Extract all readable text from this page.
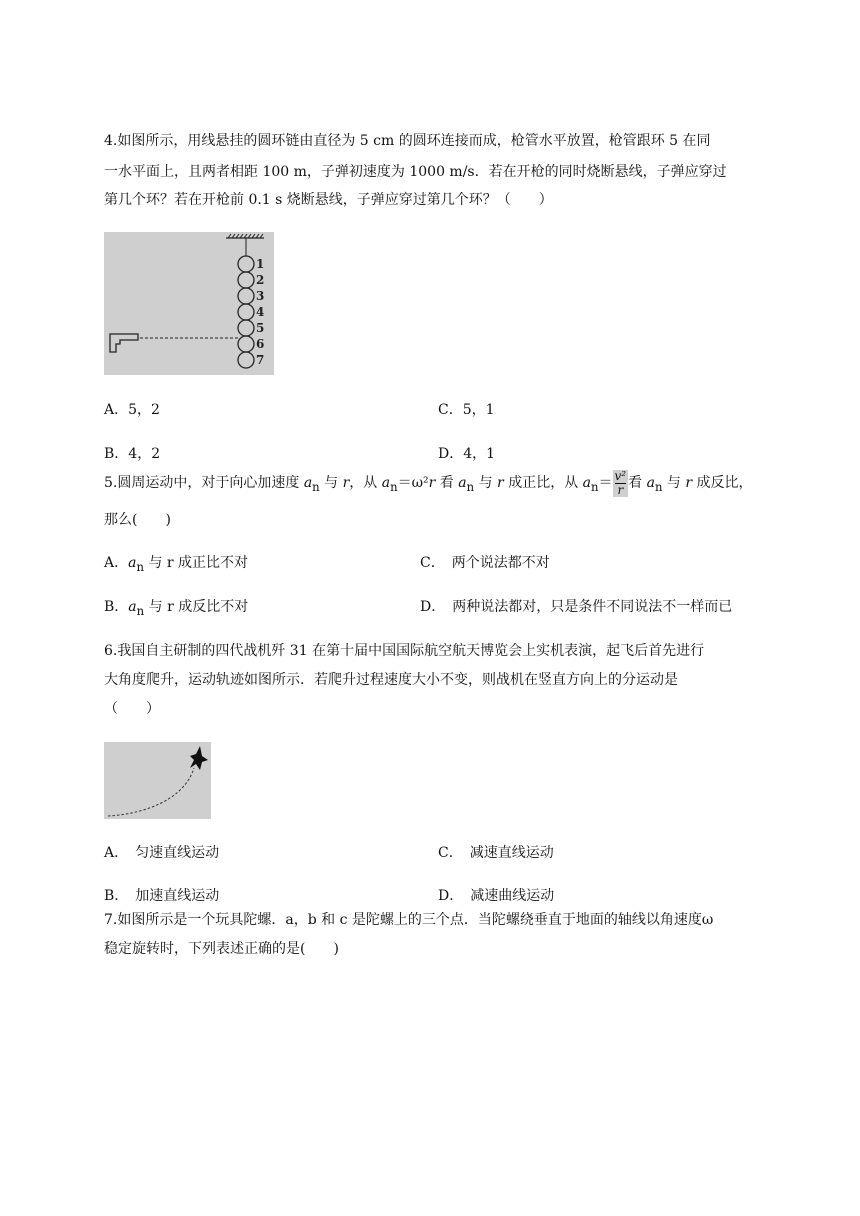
4.如图所示，用线悬挂的圆环链由直径为 5 cm 的圆环连接而成，枪管水平放置，枪管跟环 5 在同
一水平面上，且两者相距 100 m，子弹初速度为 1000 m/s．若在开枪的同时烧断悬线，子弹应穿过
第几个环？若在开枪前 0.1 s 烧断悬线，子弹应穿过第几个环？（　　）
1
2
3
4
5
6
7
A．5，2	C．5，1
B．4，2	D．4，1
5.圆周运动中，对于向心加速度 $a_n$ 与 r，从 $a_n=\omega^2r$ 看 $a_n$ 与 r 成正比，从 $a_n= \frac{\text{v²}}{r}$ 看 $a_n$ 与 r 成反比，
那么(　　)
A．$a_n$ 与 r 成正比不对	C．　两个说法都不对
B．$a_n$ 与 r 成反比不对	D．　两种说法都对，只是条件不同说法不一样而已
6.我国自主研制的四代战机歼 31 在第十届中国国际航空航天博览会上实机表演，起飞后首先进行
大角度爬升，运动轨迹如图所示．若爬升过程速度大小不变，则战机在竖直方向上的分运动是
（　　）
A．　匀速直线运动	C．　减速直线运动
B．　加速直线运动	D．　减速曲线运动
7.如图所示是一个玩具陀螺．a，b 和 c 是陀螺上的三个点．当陀螺绕垂直于地面的轴线以角速度ω
稳定旋转时，下列表述正确的是(　　)
